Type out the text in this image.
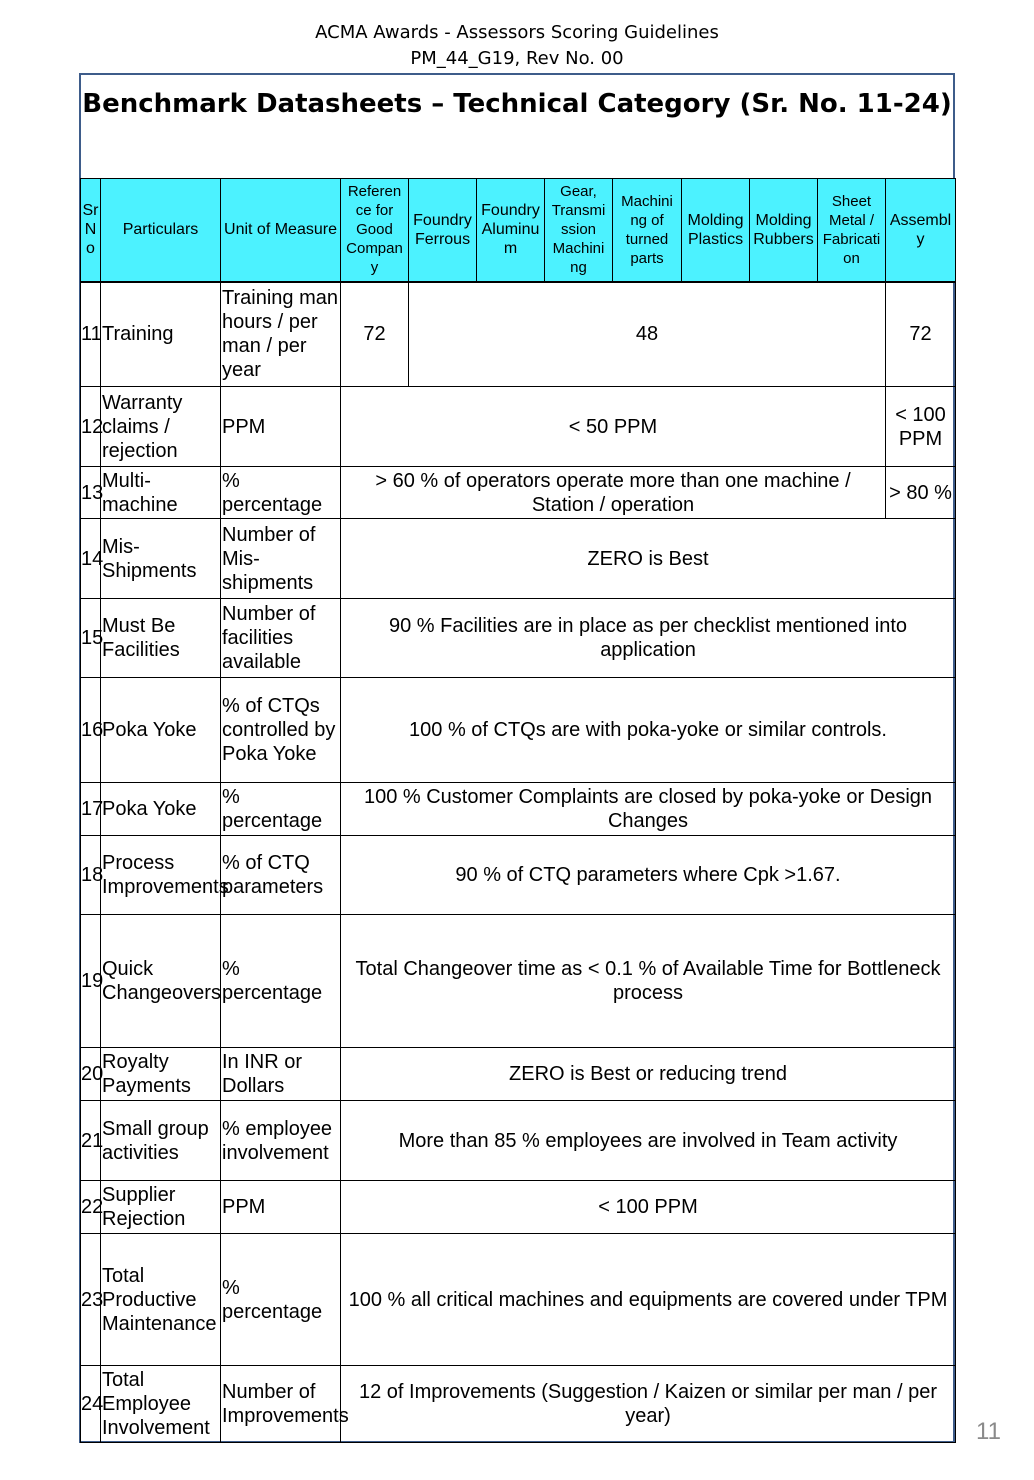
ACMA Awards - Assessors Scoring Guidelines
PM_44_G19, Rev No. 00
Benchmark Datasheets – Technical Category (Sr. No. 11-24)
Sr N o	Particulars	Unit of Measure	Referen ce for Good Compan y	Foundry Ferrous	Foundry Aluminu m	Gear, Transmi ssion Machini ng	Machini ng of turned parts	Molding Plastics	Molding Rubbers	Sheet Metal / Fabricati on	Assembl y
11	Training	Training man hours / per man / per year	72	48							72
12	Warranty claims / rejection	PPM	< 50 PPM								< 100 PPM
13	Multi-machine	% percentage	> 60 % of operators operate more than one machine / Station / operation								> 80 %
14	Mis-Shipments	Number of Mis-shipments	ZERO is Best								
15	Must Be Facilities	Number of facilities available	90 % Facilities are in place as per checklist mentioned into application								
16	Poka Yoke	% of CTQs controlled by Poka Yoke	100 % of CTQs are with poka-yoke or similar controls.								
17	Poka Yoke	% percentage	100 % Customer Complaints are closed by poka-yoke or Design Changes								
18	Process Improvements	% of CTQ parameters	90 % of CTQ parameters where Cpk >1.67.								
19	Quick Changeovers	% percentage	Total Changeover time as < 0.1 % of Available Time for Bottleneck process								
20	Royalty Payments	In INR or Dollars	ZERO is Best or reducing trend								
21	Small group activities	% employee involvement	More than 85 % employees are involved in Team activity								
22	Supplier Rejection	PPM	< 100 PPM								
23	Total Productive Maintenance	% percentage	100 % all critical machines and equipments are covered under TPM								
24	Total Employee Involvement	Number of Improvements	12 of Improvements (Suggestion / Kaizen or similar per man / per year)								
11
